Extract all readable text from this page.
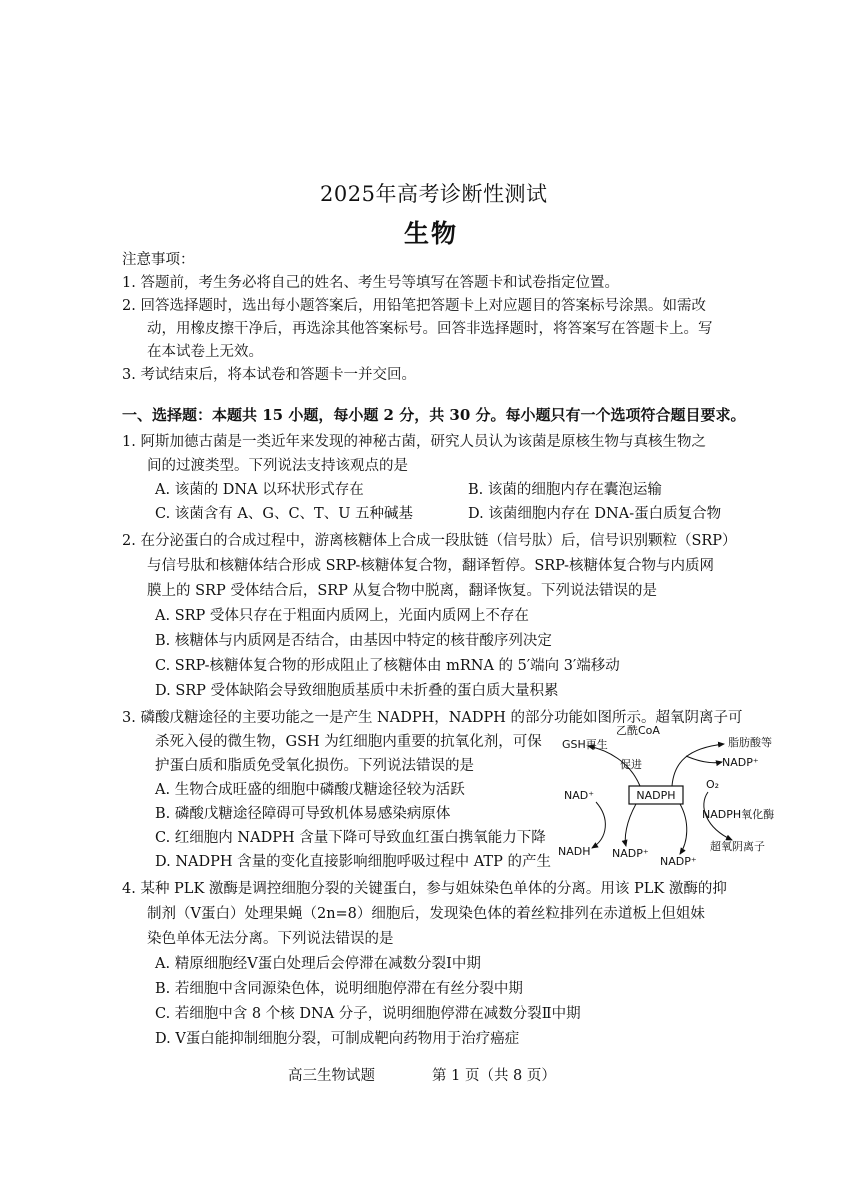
2025年高考诊断性测试
生物
注意事项：
1. 答题前，考生务必将自己的姓名、考生号等填写在答题卡和试卷指定位置。
2. 回答选择题时，选出每小题答案后，用铅笔把答题卡上对应题目的答案标号涂黑。如需改
动，用橡皮擦干净后，再选涂其他答案标号。回答非选择题时，将答案写在答题卡上。写
在本试卷上无效。
3. 考试结束后，将本试卷和答题卡一并交回。
一、选择题：本题共 15 小题，每小题 2 分，共 30 分。每小题只有一个选项符合题目要求。
1. 阿斯加德古菌是一类近年来发现的神秘古菌，研究人员认为该菌是原核生物与真核生物之
间的过渡类型。下列说法支持该观点的是
A. 该菌的 DNA 以环状形式存在	B. 该菌的细胞内存在囊泡运输
C. 该菌含有 A、G、C、T、U 五种碱基	D. 该菌细胞内存在 DNA-蛋白质复合物
2. 在分泌蛋白的合成过程中，游离核糖体上合成一段肽链（信号肽）后，信号识别颗粒（SRP）
与信号肽和核糖体结合形成 SRP-核糖体复合物，翻译暂停。SRP-核糖体复合物与内质网
膜上的 SRP 受体结合后，SRP 从复合物中脱离，翻译恢复。下列说法错误的是
A. SRP 受体只存在于粗面内质网上，光面内质网上不存在
B. 核糖体与内质网是否结合，由基因中特定的核苷酸序列决定
C. SRP-核糖体复合物的形成阻止了核糖体由 mRNA 的 5′端向 3′端移动
D. SRP 受体缺陷会导致细胞质基质中未折叠的蛋白质大量积累
3. 磷酸戊糖途径的主要功能之一是产生 NADPH，NADPH 的部分功能如图所示。超氧阴离子可
杀死入侵的微生物，GSH 为红细胞内重要的抗氧化剂，可保
护蛋白质和脂质免受氧化损伤。下列说法错误的是
A. 生物合成旺盛的细胞中磷酸戊糖途径较为活跃
B. 磷酸戊糖途径障碍可导致机体易感染病原体
C. 红细胞内 NADPH 含量下降可导致血红蛋白携氧能力下降
D. NADPH 含量的变化直接影响细胞呼吸过程中 ATP 的产生
NADPH
GSH再生
促进
乙酰CoA
脂肪酸等
NADP⁺
NAD⁺
NADH NADP⁺
O₂
NADPH氧化酶
超氧阴离子
NADP⁺
4. 某种 PLK 激酶是调控细胞分裂的关键蛋白，参与姐妹染色单体的分离。用该 PLK 激酶的抑
制剂（Ⅴ蛋白）处理果蝇（2n=8）细胞后，发现染色体的着丝粒排列在赤道板上但姐妹
染色单体无法分离。下列说法错误的是
A. 精原细胞经Ⅴ蛋白处理后会停滞在减数分裂Ⅰ中期
B. 若细胞中含同源染色体，说明细胞停滞在有丝分裂中期
C. 若细胞中含 8 个核 DNA 分子，说明细胞停滞在减数分裂Ⅱ中期
D. Ⅴ蛋白能抑制细胞分裂，可制成靶向药物用于治疗癌症
高三生物试题	第 1 页（共 8 页）
